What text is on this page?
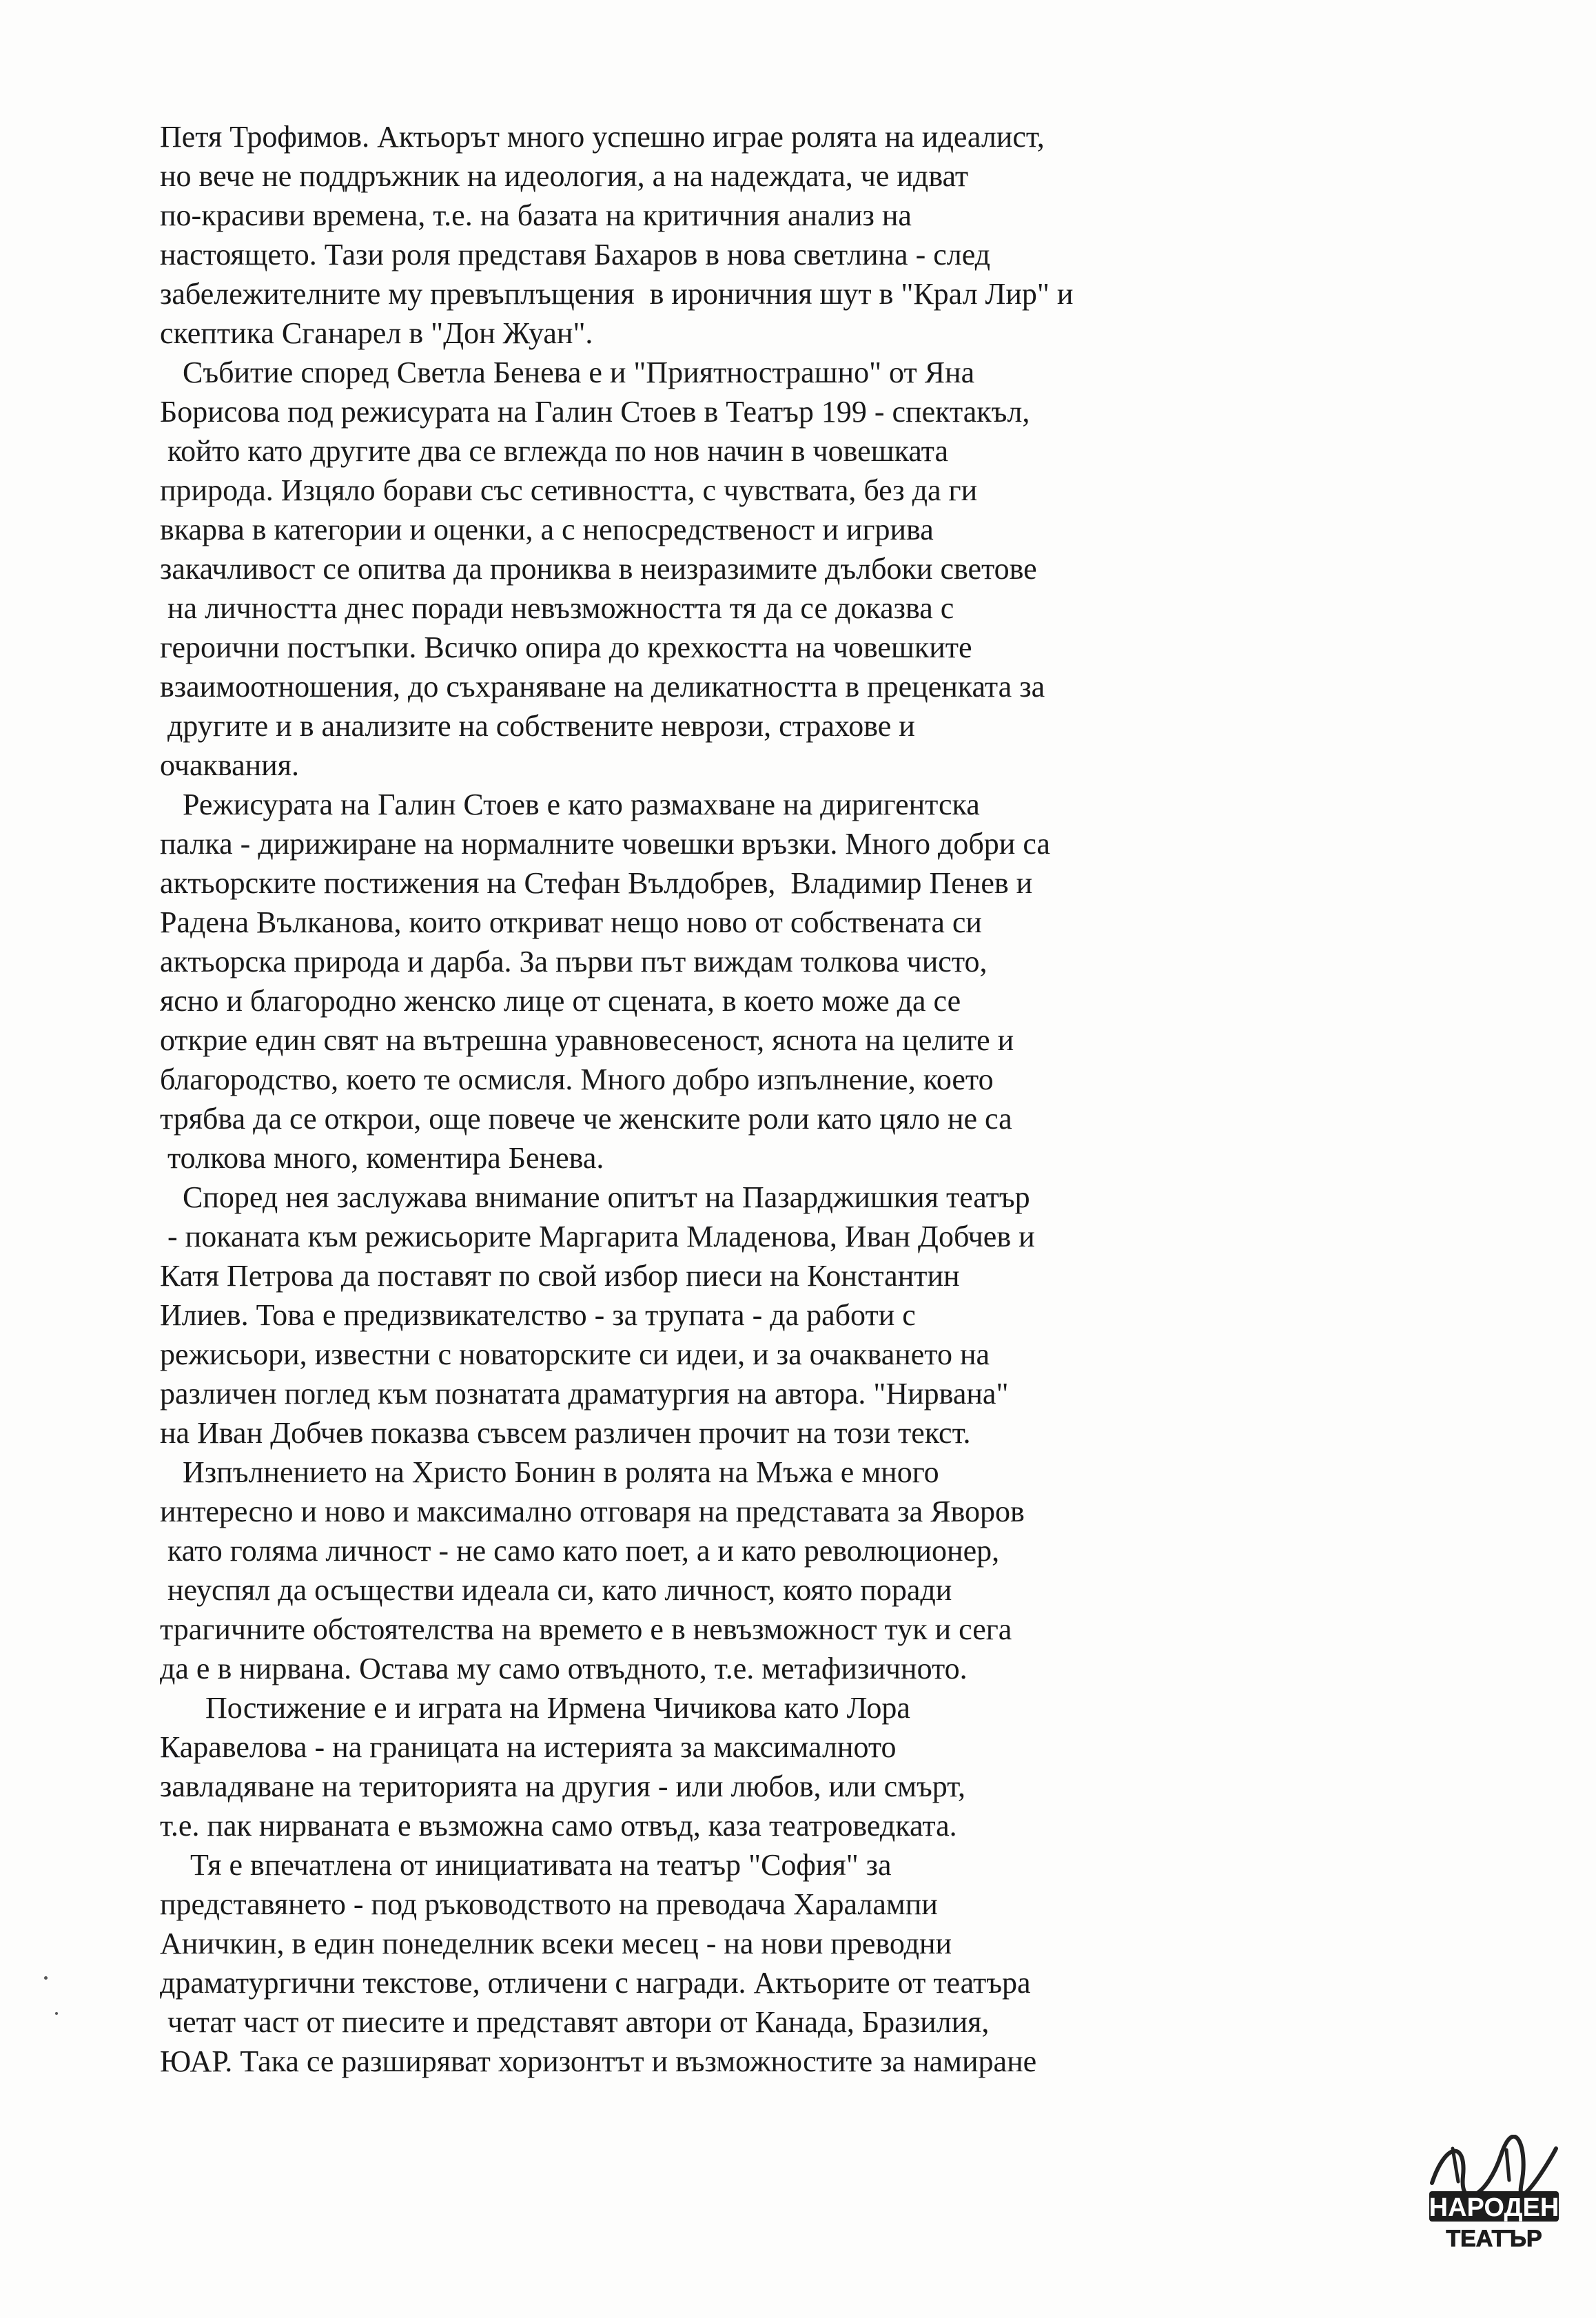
Петя Трофимов. Актьорът много успешно играе ролята на идеалист,
но вече не поддръжник на идеология, а на надеждата, че идват
по-красиви времена, т.е. на базата на критичния анализ на
настоящето. Тази роля представя Бахаров в нова светлина - след
забележителните му превъплъщения  в ироничния шут в "Крал Лир" и
скептика Сганарел в "Дон Жуан".
Събитие според Светла Бенева е и "Приятнострашно" от Яна
Борисова под режисурата на Галин Стоев в Театър 199 - спектакъл,
който като другите два се вглежда по нов начин в човешката
природа. Изцяло борави със сетивността, с чувствата, без да ги
вкарва в категории и оценки, а с непосредственост и игрива
закачливост се опитва да прониква в неизразимите дълбоки светове
на личността днес поради невъзможността тя да се доказва с
героични постъпки. Всичко опира до крехкостта на човешките
взаимоотношения, до съхраняване на деликатността в преценката за
другите и в анализите на собствените неврози, страхове и
очаквания.
Режисурата на Галин Стоев е като размахване на диригентска
палка - дирижиране на нормалните човешки връзки. Много добри са
актьорските постижения на Стефан Вълдобрев,  Владимир Пенев и
Радена Вълканова, които откриват нещо ново от собствената си
актьорска природа и дарба. За първи път виждам толкова чисто,
ясно и благородно женско лице от сцената, в което може да се
открие един свят на вътрешна уравновесеност, яснота на целите и
благородство, което те осмисля. Много добро изпълнение, което
трябва да се открои, още повече че женските роли като цяло не са
толкова много, коментира Бенева.
Според нея заслужава внимание опитът на Пазарджишкия театър
- поканата към режисьорите Маргарита Младенова, Иван Добчев и
Катя Петрова да поставят по свой избор пиеси на Константин
Илиев. Това е предизвикателство - за трупата - да работи с
режисьори, известни с новаторските си идеи, и за очакването на
различен поглед към познатата драматургия на автора. "Нирвана"
на Иван Добчев показва съвсем различен прочит на този текст.
Изпълнението на Христо Бонин в ролята на Мъжа е много
интересно и ново и максимално отговаря на представата за Яворов
като голяма личност - не само като поет, а и като революционер,
неуспял да осъществи идеала си, като личност, която поради
трагичните обстоятелства на времето е в невъзможност тук и сега
да е в нирвана. Остава му само отвъдното, т.е. метафизичното.
Постижение е и играта на Ирмена Чичикова като Лора
Каравелова - на границата на истерията за максималното
завладяване на територията на другия - или любов, или смърт,
т.е. пак нирваната е възможна само отвъд, каза театроведката.
Тя е впечатлена от инициативата на театър "София" за
представянето - под ръководството на преводача Харалампи
Аничкин, в един понеделник всеки месец - на нови преводни
драматургични текстове, отличени с награди. Актьорите от театъра
четат част от пиесите и представят автори от Канада, Бразилия,
ЮАР. Така се разширяват хоризонтът и възможностите за намиране
НАРОДЕН
ТЕАТЪР
